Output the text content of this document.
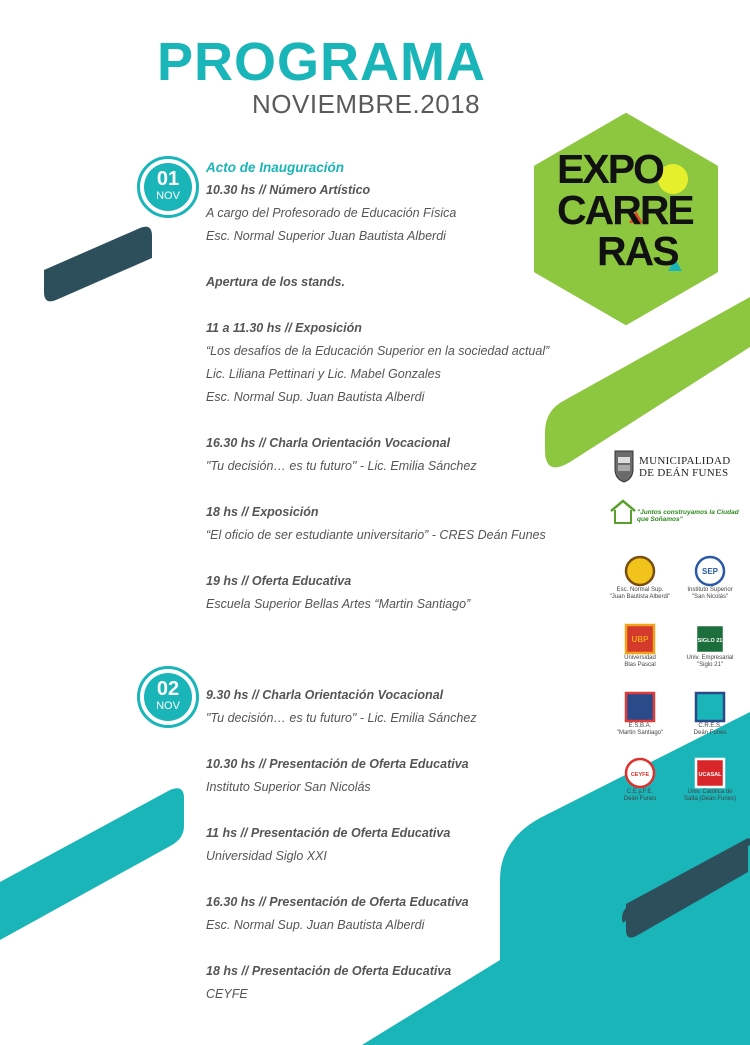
PROGRAMA
NOVIEMBRE.2018
01
NOV
Acto de Inauguración
10.30 hs // Número Artístico
A cargo del Profesorado de Educación Física
Esc. Normal Superior Juan Bautista Alberdi
Apertura de los stands.
11 a 11.30 hs // Exposición
“Los desafíos de la Educación Superior en la sociedad actual”
Lic. Liliana Pettinari y Lic. Mabel Gonzales
Esc. Normal Sup. Juan Bautista Alberdi
16.30 hs // Charla Orientación Vocacional
"Tu decisión… es tu futuro" - Lic. Emilia Sánchez
18 hs // Exposición
“El oficio de ser estudiante universitario” - CRES Deán Funes
19 hs // Oferta Educativa
Escuela Superior Bellas Artes “Martin Santiago”
02
NOV
9.30 hs // Charla Orientación Vocacional
"Tu decisión… es tu futuro" - Lic. Emilia Sánchez
10.30 hs // Presentación de Oferta Educativa
Instituto Superior San Nicolás
11 hs // Presentación de Oferta Educativa
Universidad Siglo XXI
16.30 hs // Presentación de Oferta Educativa
Esc. Normal Sup. Juan Bautista Alberdi
18 hs // Presentación de Oferta Educativa
CEYFE
EXPO
CARRE
RAS
MUNICIPALIDAD
DE DEÁN FUNES
"Juntos construyamos la Ciudad que Soñamos"
Esc. Normal Sup.
"Juan Bautista Alberdi"
SEP
Instituto Superior
"San Nicolás"
UBP
Universidad
Blas Pascal
SIGLO 21
Univ. Empresarial
"Siglo 21"
E.S.B.A.
"Martin Santiago"
C.R.E.S.
Deán Funes
CEYFE
C.E.y.F.E.
Deán Funes
UCASAL
Univ. Católica de
Salta (Deán Funes)
